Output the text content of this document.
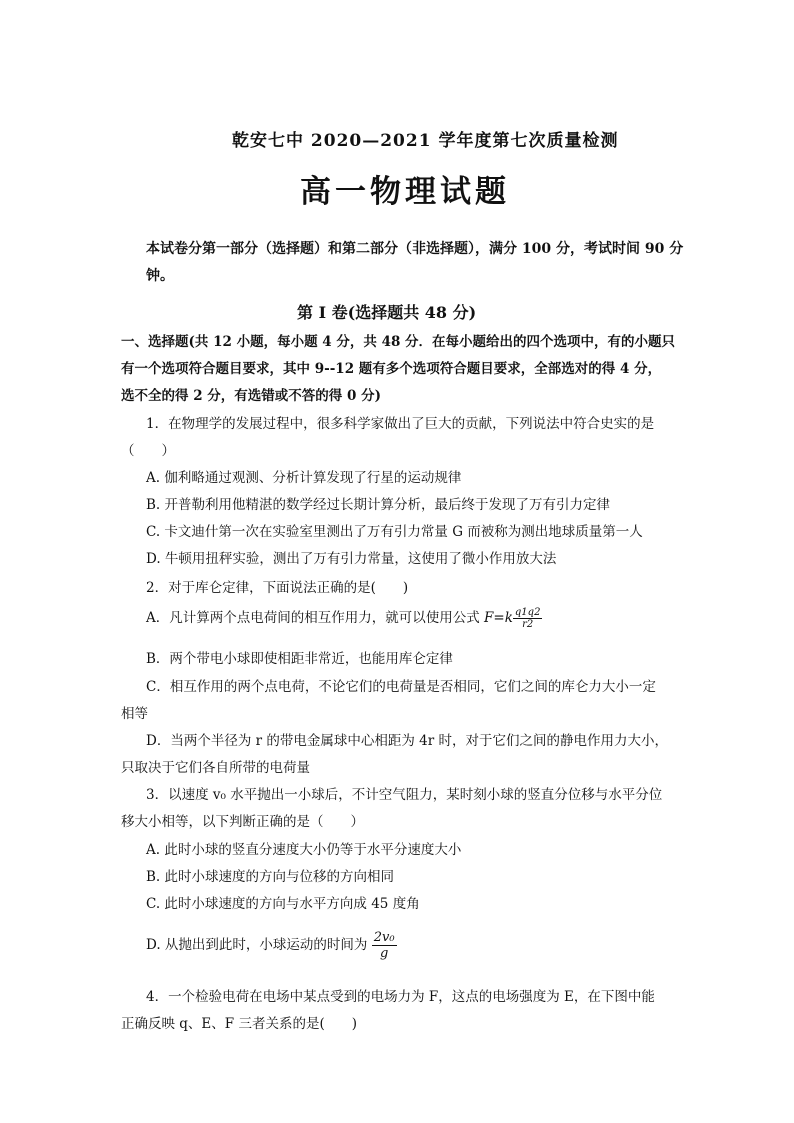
乾安七中 2020—2021 学年度第七次质量检测
高一物理试题
本试卷分第一部分（选择题）和第二部分（非选择题），满分 100 分，考试时间 90 分钟。
第 I 卷(选择题共 48 分)
一、选择题(共 12 小题，每小题 4 分，共 48 分．在每小题给出的四个选项中，有的小题只
有一个选项符合题目要求，其中 9--12 题有多个选项符合题目要求，全部选对的得 4 分，
选不全的得 2 分，有选错或不答的得 0 分)
1．在物理学的发展过程中，很多科学家做出了巨大的贡献，下列说法中符合史实的是
（　　）
A. 伽利略通过观测、分析计算发现了行星的运动规律
B. 开普勒利用他精湛的数学经过长期计算分析，最后终于发现了万有引力定律
C. 卡文迪什第一次在实验室里测出了万有引力常量 G 而被称为测出地球质量第一人
D. 牛顿用扭秤实验，测出了万有引力常量，这使用了微小作用放大法
2．对于库仑定律，下面说法正确的是(　　)
A．凡计算两个点电荷间的相互作用力，就可以使用公式 $F=k \frac{q1q2}{r2}$
B．两个带电小球即使相距非常近，也能用库仑定律
C．相互作用的两个点电荷，不论它们的电荷量是否相同，它们之间的库仑力大小一定
相等
D．当两个半径为 r 的带电金属球中心相距为 4r 时，对于它们之间的静电作用力大小，
只取决于它们各自所带的电荷量
3．以速度 v₀ 水平抛出一小球后，不计空气阻力，某时刻小球的竖直分位移与水平分位
移大小相等，以下判断正确的是（　　）
A. 此时小球的竖直分速度大小仍等于水平分速度大小
B. 此时小球速度的方向与位移的方向相同
C. 此时小球速度的方向与水平方向成 45 度角
D. 从抛出到此时，小球运动的时间为 $\frac{\text{2v₀}}{g}$
4．一个检验电荷在电场中某点受到的电场力为 F，这点的电场强度为 E，在下图中能
正确反映 q、E、F 三者关系的是(　　)
